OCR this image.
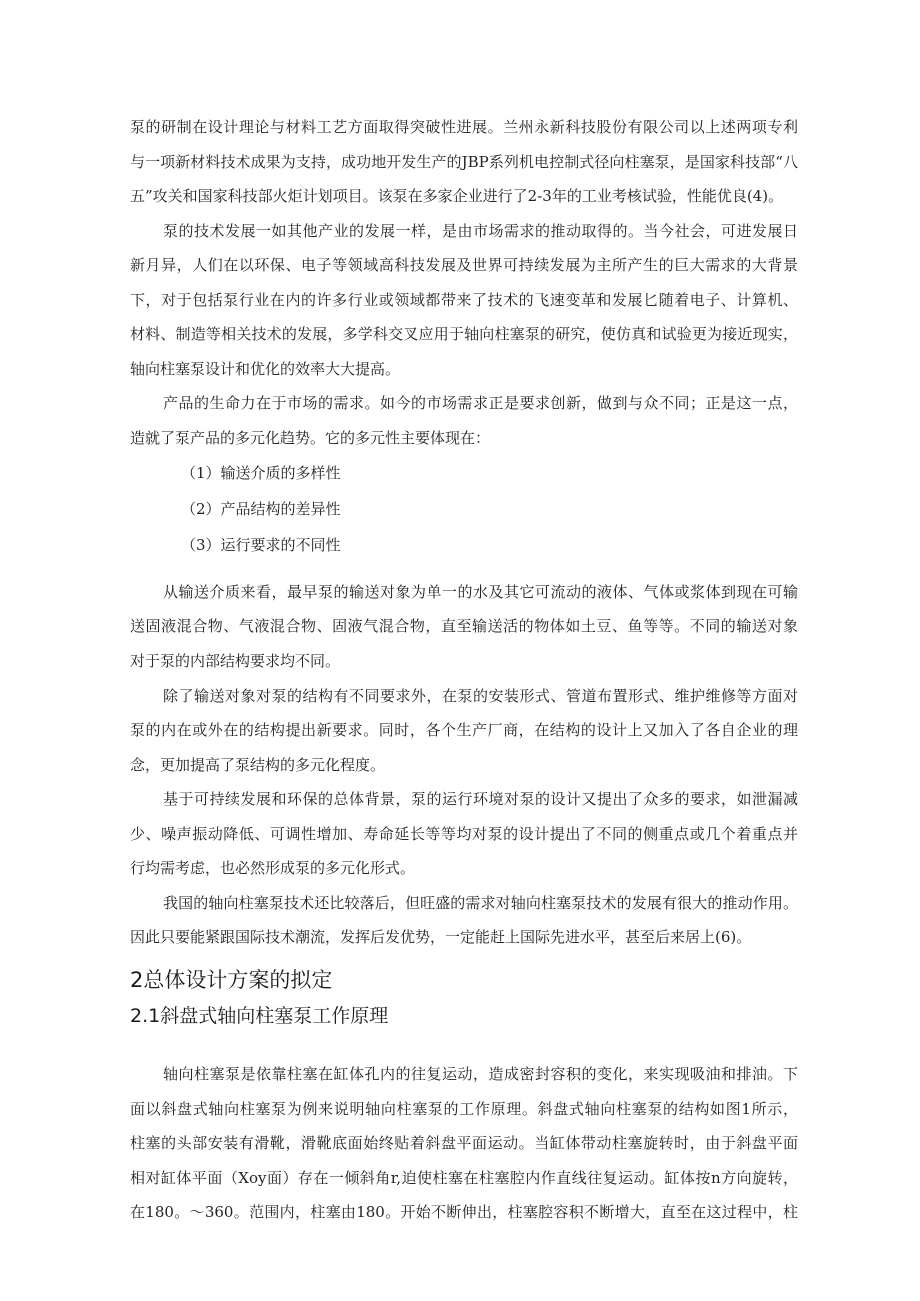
泵的研制在设计理论与材料工艺方面取得突破性进展。兰州永新科技股份有限公司以上述两项专利
与一项新材料技术成果为支持，成功地开发生产的JBP系列机电控制式径向柱塞泵，是国家科技部“八
五”攻关和国家科技部火炬计划项目。该泵在多家企业进行了2-3年的工业考核试验，性能优良(4)。
泵的技术发展一如其他产业的发展一样，是由市场需求的推动取得的。当今社会，可进发展日
新月异，人们在以环保、电子等领域高科技发展及世界可持续发展为主所产生的巨大需求的大背景
下，对于包括泵行业在内的许多行业或领域都带来了技术的飞速变革和发展匕随着电子、计算机、
材料、制造等相关技术的发展，多学科交叉应用于轴向柱塞泵的研究，使仿真和试验更为接近现实，
轴向柱塞泵设计和优化的效率大大提高。
产品的生命力在于市场的需求。如今的市场需求正是要求创新，做到与众不同；正是这一点，
造就了泵产品的多元化趋势。它的多元性主要体现在：
（1）输送介质的多样性
（2）产品结构的差异性
（3）运行要求的不同性
从输送介质来看，最早泵的输送对象为单一的水及其它可流动的液体、气体或浆体到现在可输
送固液混合物、气液混合物、固液气混合物，直至输送活的物体如土豆、鱼等等。不同的输送对象
对于泵的内部结构要求均不同。
除了输送对象对泵的结构有不同要求外，在泵的安装形式、管道布置形式、维护维修等方面对
泵的内在或外在的结构提出新要求。同时，各个生产厂商，在结构的设计上又加入了各自企业的理
念，更加提高了泵结构的多元化程度。
基于可持续发展和环保的总体背景，泵的运行环境对泵的设计又提出了众多的要求，如泄漏减
少、噪声振动降低、可调性增加、寿命延长等等均对泵的设计提出了不同的侧重点或几个着重点并
行均需考虑，也必然形成泵的多元化形式。
我国的轴向柱塞泵技术还比较落后，但旺盛的需求对轴向柱塞泵技术的发展有很大的推动作用。
因此只要能紧跟国际技术潮流，发挥后发优势，一定能赶上国际先进水平，甚至后来居上(6)。
2总体设计方案的拟定
2.1斜盘式轴向柱塞泵工作原理
轴向柱塞泵是依靠柱塞在缸体孔内的往复运动，造成密封容积的变化，来实现吸油和排油。下
面以斜盘式轴向柱塞泵为例来说明轴向柱塞泵的工作原理。斜盘式轴向柱塞泵的结构如图1所示，
柱塞的头部安装有滑靴，滑靴底面始终贴着斜盘平面运动。当缸体带动柱塞旋转时，由于斜盘平面
相对缸体平面（Xoy面）存在一倾斜角r,迫使柱塞在柱塞腔内作直线往复运动。缸体按n方向旋转，
在180。～360。范围内，柱塞由180。开始不断伸出，柱塞腔容积不断增大，直至在这过程中，柱
